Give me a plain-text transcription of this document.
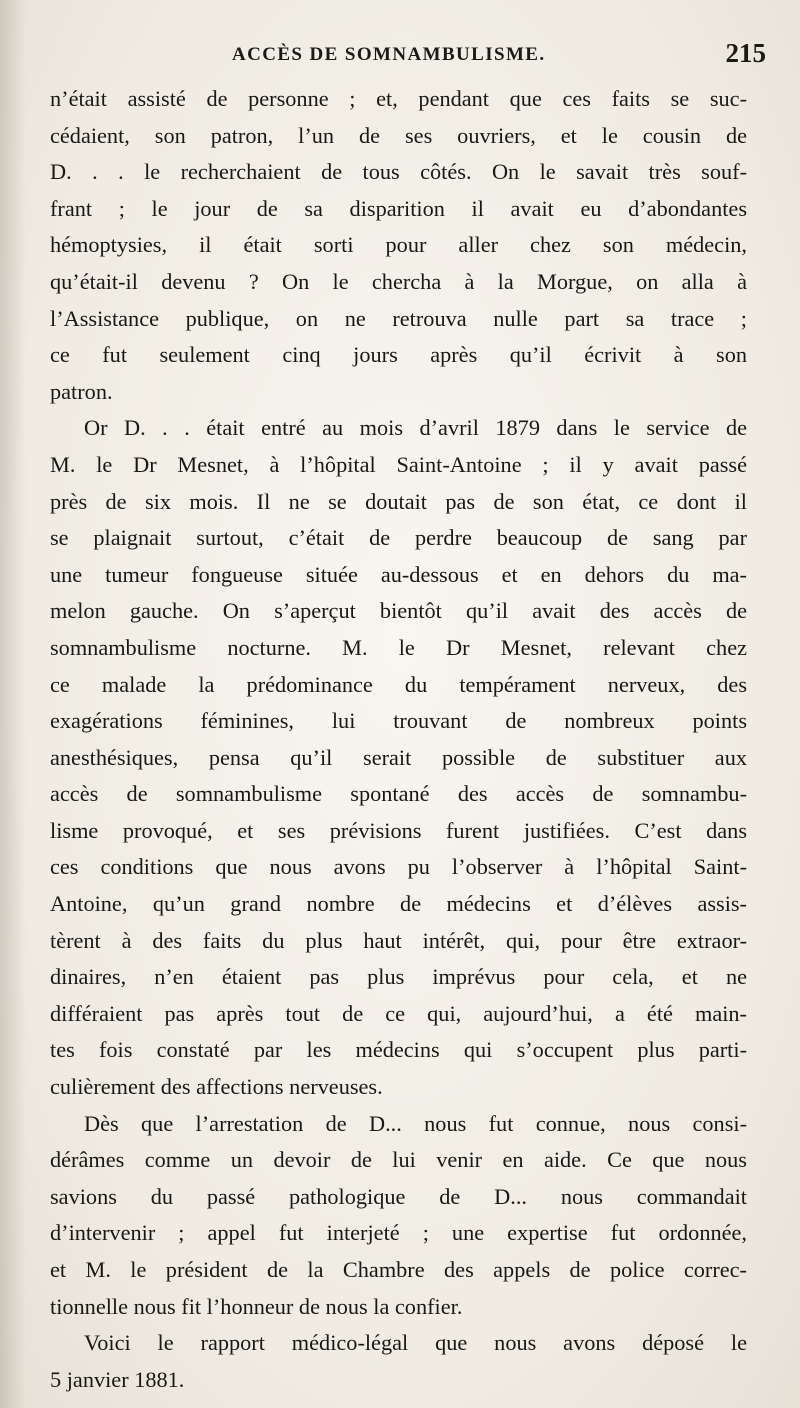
ACCÈS DE SOMNAMBULISME.	215
n’était assisté de personne ; et, pendant que ces faits se suc-
cédaient, son patron, l’un de ses ouvriers, et le cousin de
D. . . le recherchaient de tous côtés. On le savait très souf-
frant ; le jour de sa disparition il avait eu d’abondantes
hémoptysies, il était sorti pour aller chez son médecin,
qu’était-il devenu ? On le chercha à la Morgue, on alla à
l’Assistance publique, on ne retrouva nulle part sa trace ;
ce fut seulement cinq jours après qu’il écrivit à son
patron.
Or D. . . était entré au mois d’avril 1879 dans le service de
M. le Dr Mesnet, à l’hôpital Saint-Antoine ; il y avait passé
près de six mois. Il ne se doutait pas de son état, ce dont il
se plaignait surtout, c’était de perdre beaucoup de sang par
une tumeur fongueuse située au-dessous et en dehors du ma-
melon gauche. On s’aperçut bientôt qu’il avait des accès de
somnambulisme nocturne. M. le Dr Mesnet, relevant chez
ce malade la prédominance du tempérament nerveux, des
exagérations féminines, lui trouvant de nombreux points
anesthésiques, pensa qu’il serait possible de substituer aux
accès de somnambulisme spontané des accès de somnambu-
lisme provoqué, et ses prévisions furent justifiées. C’est dans
ces conditions que nous avons pu l’observer à l’hôpital Saint-
Antoine, qu’un grand nombre de médecins et d’élèves assis-
tèrent à des faits du plus haut intérêt, qui, pour être extraor-
dinaires, n’en étaient pas plus imprévus pour cela, et ne
différaient pas après tout de ce qui, aujourd’hui, a été main-
tes fois constaté par les médecins qui s’occupent plus parti-
culièrement des affections nerveuses.
Dès que l’arrestation de D... nous fut connue, nous consi-
dérâmes comme un devoir de lui venir en aide. Ce que nous
savions du passé pathologique de D... nous commandait
d’intervenir ; appel fut interjeté ; une expertise fut ordonnée,
et M. le président de la Chambre des appels de police correc-
tionnelle nous fit l’honneur de nous la confier.
Voici le rapport médico-légal que nous avons déposé le
5 janvier 1881.
